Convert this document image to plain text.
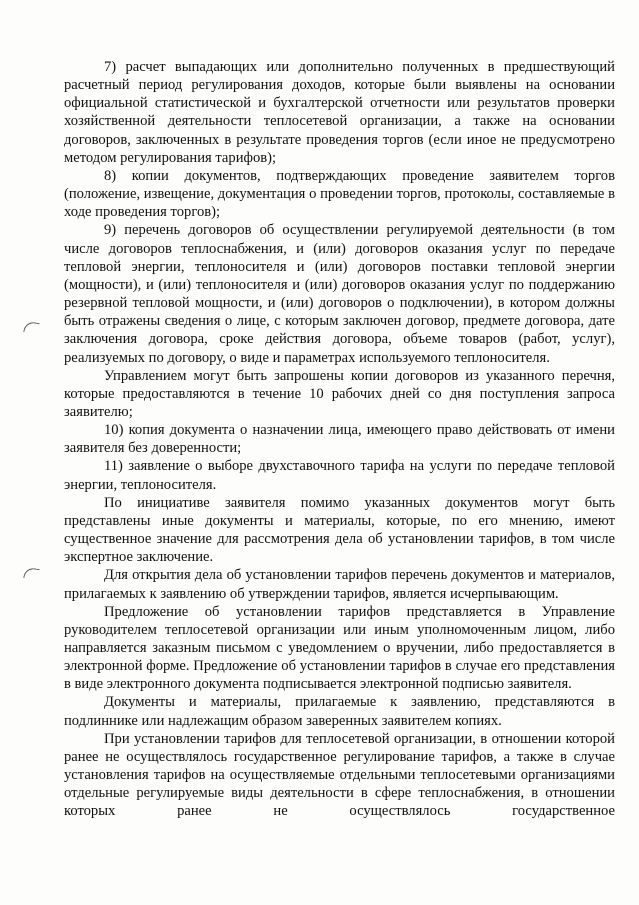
7) расчет выпадающих или дополнительно полученных в предшествующий расчетный период регулирования доходов, которые были выявлены на основании официальной статистической и бухгалтерской отчетности или результатов проверки хозяйственной деятельности теплосетевой организации, а также на основании договоров, заключенных в результате проведения торгов (если иное не предусмотрено методом регулирования тарифов);

8) копии документов, подтверждающих проведение заявителем торгов (положение, извещение, документация о проведении торгов, протоколы, составляемые в ходе проведения торгов);

9) перечень договоров об осуществлении регулируемой деятельности (в том числе договоров теплоснабжения, и (или) договоров оказания услуг по передаче тепловой энергии, теплоносителя и (или) договоров поставки тепловой энергии (мощности), и (или) теплоносителя и (или) договоров оказания услуг по поддержанию резервной тепловой мощности, и (или) договоров о подключении), в котором должны быть отражены сведения о лице, с которым заключен договор, предмете договора, дате заключения договора, сроке действия договора, объеме товаров (работ, услуг), реализуемых по договору, о виде и параметрах используемого теплоносителя.

Управлением могут быть запрошены копии договоров из указанного перечня, которые предоставляются в течение 10 рабочих дней со дня поступления запроса заявителю;

10) копия документа о назначении лица, имеющего право действовать от имени заявителя без доверенности;

11) заявление о выборе двухставочного тарифа на услуги по передаче тепловой энергии, теплоносителя.

По инициативе заявителя помимо указанных документов могут быть представлены иные документы и материалы, которые, по его мнению, имеют существенное значение для рассмотрения дела об установлении тарифов, в том числе экспертное заключение.

Для открытия дела об установлении тарифов перечень документов и материалов, прилагаемых к заявлению об утверждении тарифов, является исчерпывающим.

Предложение об установлении тарифов представляется в Управление руководителем теплосетевой организации или иным уполномоченным лицом, либо направляется заказным письмом с уведомлением о вручении, либо предоставляется в электронной форме. Предложение об установлении тарифов в случае его представления в виде электронного документа подписывается электронной подписью заявителя.

Документы и материалы, прилагаемые к заявлению, представляются в подлиннике или надлежащим образом заверенных заявителем копиях.

При установлении тарифов для теплосетевой организации, в отношении которой ранее не осуществлялось государственное регулирование тарифов, а также в случае установления тарифов на осуществляемые отдельными теплосетевыми организациями отдельные регулируемые виды деятельности в сфере теплоснабжения, в отношении которых ранее не осуществлялось государственное
